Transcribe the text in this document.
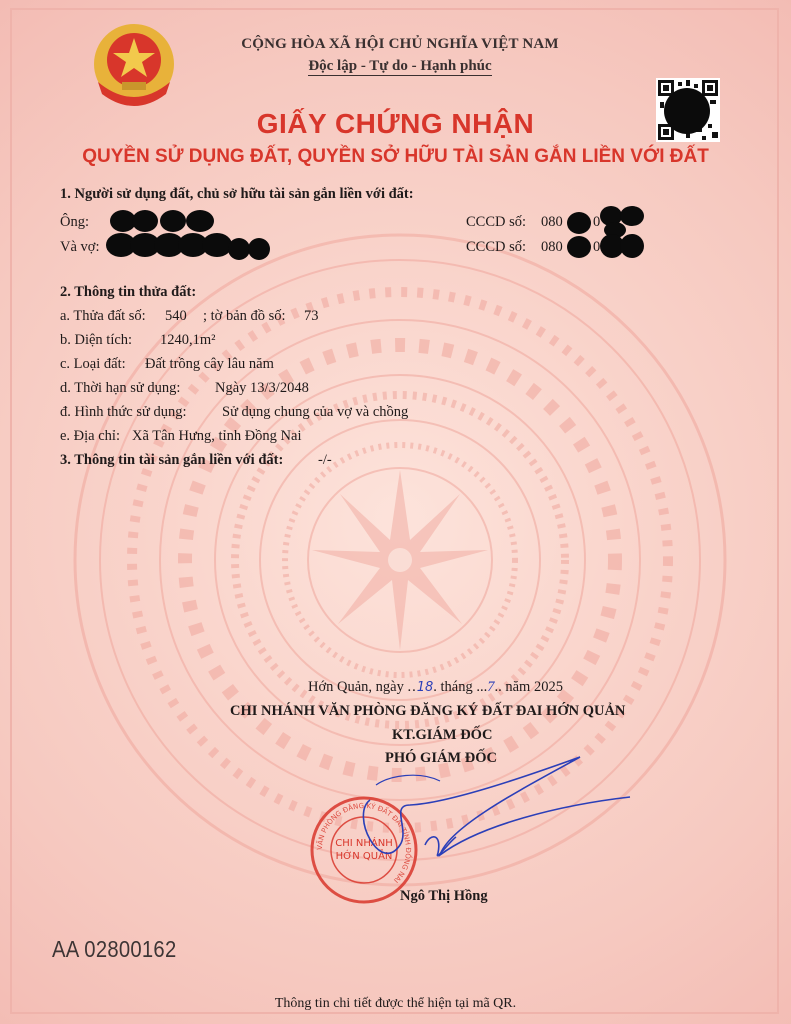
CỘNG HÒA XÃ HỘI CHỦ NGHĨA VIỆT NAM
Độc lập - Tự do - Hạnh phúc
GIẤY CHỨNG NHẬN
QUYỀN SỬ DỤNG ĐẤT, QUYỀN SỞ HỮU TÀI SẢN GẮN LIỀN VỚI ĐẤT
1. Người sử dụng đất, chủ sở hữu tài sản gắn liền với đất:
Ông:	CCCD số: 080 0
Và vợ:	CCCD số: 080 0
2. Thông tin thửa đất:
a. Thửa đất số: 540 ; tờ bản đồ số: 73
b. Diện tích: 1240,1m²
c. Loại đất: Đất trồng cây lâu năm
d. Thời hạn sử dụng: Ngày 13/3/2048
đ. Hình thức sử dụng: Sử dụng chung của vợ và chồng
e. Địa chỉ: Xã Tân Hưng, tỉnh Đồng Nai
3. Thông tin tài sản gắn liền với đất: -/-
Hớn Quản, ngày ..18. tháng ...7.. năm 2025
CHI NHÁNH VĂN PHÒNG ĐĂNG KÝ ĐẤT ĐAI HỚN QUẢN
KT.GIÁM ĐỐC
PHÓ GIÁM ĐỐC
VĂN PHÒNG ĐĂNG KÝ ĐẤT ĐAI TỈNH ĐỒNG NAI
CHI NHÁNH
HỚN QUẢN
Ngô Thị Hồng
AA 02800162
Thông tin chi tiết được thể hiện tại mã QR.
